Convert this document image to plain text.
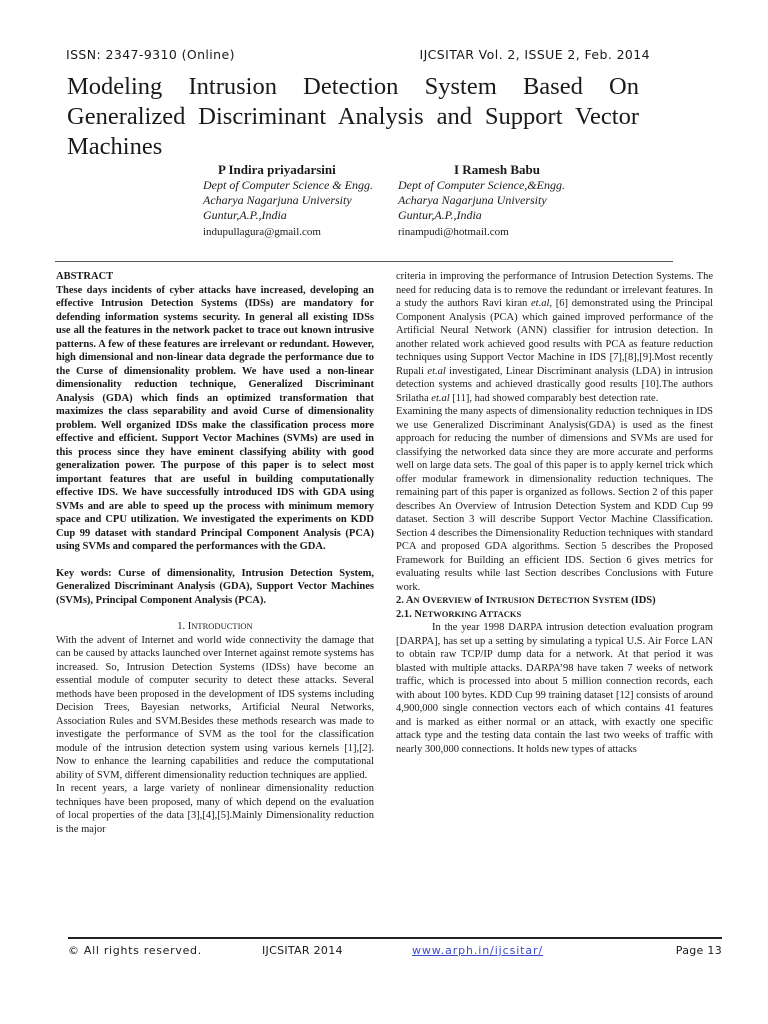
ISSN: 2347-9310 (Online)	IJCSITAR Vol. 2, ISSUE 2, Feb. 2014
Modeling Intrusion Detection System Based On Generalized Discriminant Analysis and Support Vector Machines
P Indira priyadarsini
Dept of Computer Science & Engg.
Acharya Nagarjuna University
Guntur,A.P.,India
indupullagura@gmail.com
I Ramesh Babu
Dept of Computer Science,&Engg.
Acharya Nagarjuna University
Guntur,A.P.,India
rinampudi@hotmail.com

ABSTRACT

These days incidents of cyber attacks have increased, developing an effective Intrusion Detection Systems (IDSs) are mandatory for defending information systems security. In general all existing IDSs use all the features in the network packet to trace out known intrusive patterns. A few of these features are irrelevant or redundant. However, high dimensional and non-linear data degrade the performance due to the Curse of dimensionality problem. We have used a non-linear dimensionality reduction technique, Generalized Discriminant Analysis (GDA) which finds an optimized transformation that maximizes the class separability and avoid Curse of dimensionality problem. Well organized IDSs make the classification process more effective and efficient. Support Vector Machines (SVMs) are used in this process since they have eminent classifying ability with good generalization power. The purpose of this paper is to select most important features that are useful in building computationally effective IDS. We have successfully introduced IDS with GDA using SVMs and are able to speed up the process with minimum memory space and CPU utilization. We investigated the experiments on KDD Cup 99 dataset with standard Principal Component Analysis (PCA) using SVMs and compared the performances with the GDA.

Key words: Curse of dimensionality, Intrusion Detection System, Generalized Discriminant Analysis (GDA), Support Vector Machines (SVMs), Principal Component Analysis (PCA).

1. INTRODUCTION

With the advent of Internet and world wide connectivity the damage that can be caused by attacks launched over Internet against remote systems has increased. So, Intrusion Detection Systems (IDSs) have become an essential module of computer security to detect these attacks. Several methods have been proposed in the development of IDS systems including Decision Trees, Bayesian networks, Artificial Neural Networks, Association Rules and SVM.Besides these methods research was made to investigate the performance of SVM as the tool for the classification module of the intrusion detection system using various kernels [1],[2]. Now to enhance the learning capabilities and reduce the computational ability of SVM, different dimensionality reduction techniques are applied.

In recent years, a large variety of nonlinear dimensionality reduction techniques have been proposed, many of which depend on the evaluation of local properties of the data [3],[4],[5].Mainly Dimensionality reduction is the major

criteria in improving the performance of Intrusion Detection Systems. The need for reducing data is to remove the redundant or irrelevant features. In a study the authors Ravi kiran et.al, [6] demonstrated using the Principal Component Analysis (PCA) which gained improved performance of the Artificial Neural Network (ANN) classifier for intrusion detection. In another related work achieved good results with PCA as feature reduction techniques using Support Vector Machine in IDS [7],[8],[9].Most recently Rupali et.al investigated, Linear Discriminant analysis (LDA) in intrusion detection systems and achieved drastically good results [10].The authors Srilatha et.al [11], had showed comparably best detection rate.

Examining the many aspects of dimensionality reduction techniques in IDS we use Generalized Discriminant Analysis(GDA) is used as the finest approach for reducing the number of dimensions and SVMs are used for classifying the networked data since they are more accurate and performs well on large data sets. The goal of this paper is to apply kernel trick which offer modular framework in dimensionality reduction techniques. The remaining part of this paper is organized as follows. Section 2 of this paper describes An Overview of Intrusion Detection System and KDD Cup 99 dataset. Section 3 will describe Support Vector Machine Classification. Section 4 describes the Dimensionality Reduction techniques with standard PCA and proposed GDA algorithms. Section 5 describes the Proposed Framework for Building an efficient IDS. Section 6 gives metrics for evaluating results while last Section describes Conclusions with Future work.

2. AN OVERVIEW of INTRUSION DETECTION SYSTEM (IDS)

2.1. NETWORKING ATTACKS

In the year 1998 DARPA intrusion detection evaluation program [DARPA], has set up a setting by simulating a typical U.S. Air Force LAN to obtain raw TCP/IP dump data for a network. At that period it was blasted with multiple attacks. DARPA’98 have taken 7 weeks of network traffic, which is processed into about 5 million connection records, each with about 100 bytes. KDD Cup 99 training dataset [12] consists of around 4,900,000 single connection vectors each of which contains 41 features and is marked as either normal or an attack, with exactly one specific attack type and the testing data contain the last two weeks of traffic with nearly 300,000 connections. It holds new types of attacks

© All rights reserved.	IJCSITAR 2014	www.arph.in/ijcsitar/	Page 13
